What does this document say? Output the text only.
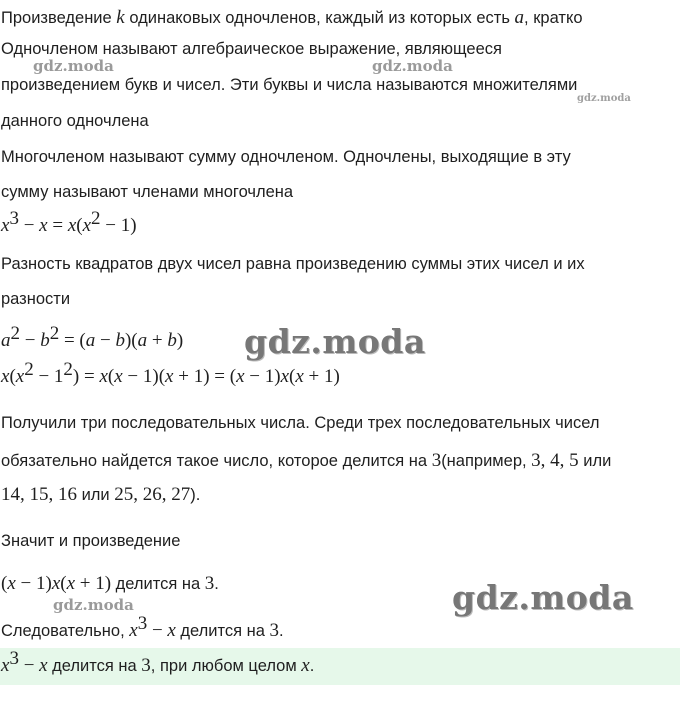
Произведение k одинаковых одночленов, каждый из которых есть a, кратко

Одночленом называют алгебраическое выражение, являющееся

произведением букв и чисел. Эти буквы и числа называются множителями

данного одночлена

Многочленом называют сумму одночленом. Одночлены, выходящие в эту

сумму называют членами многочлена

$x^3 - x = x(x^2 - 1)$

Разность квадратов двух чисел равна произведению суммы этих чисел и их

разности

$a^2 - b^2 = (a - b)(a + b)$

$x(x^2 - 1^2) = x(x - 1)(x + 1) = (x - 1)x(x + 1)$

Получили три последовательных числа. Среди трех последовательных чисел

обязательно найдется такое число, которое делится на 3(например, 3, 4, 5 или

14, 15, 16 или 25, 26, 27).

Значит и произведение

(x − 1)x(x + 1) делится на 3.

Следовательно, $x^3 - x$ делится на 3.

$x^3 - x$ делится на 3, при любом целом x.

gdz.moda	gdz.moda
gdz.moda
gdz.moda
gdz.moda	gdz.moda
